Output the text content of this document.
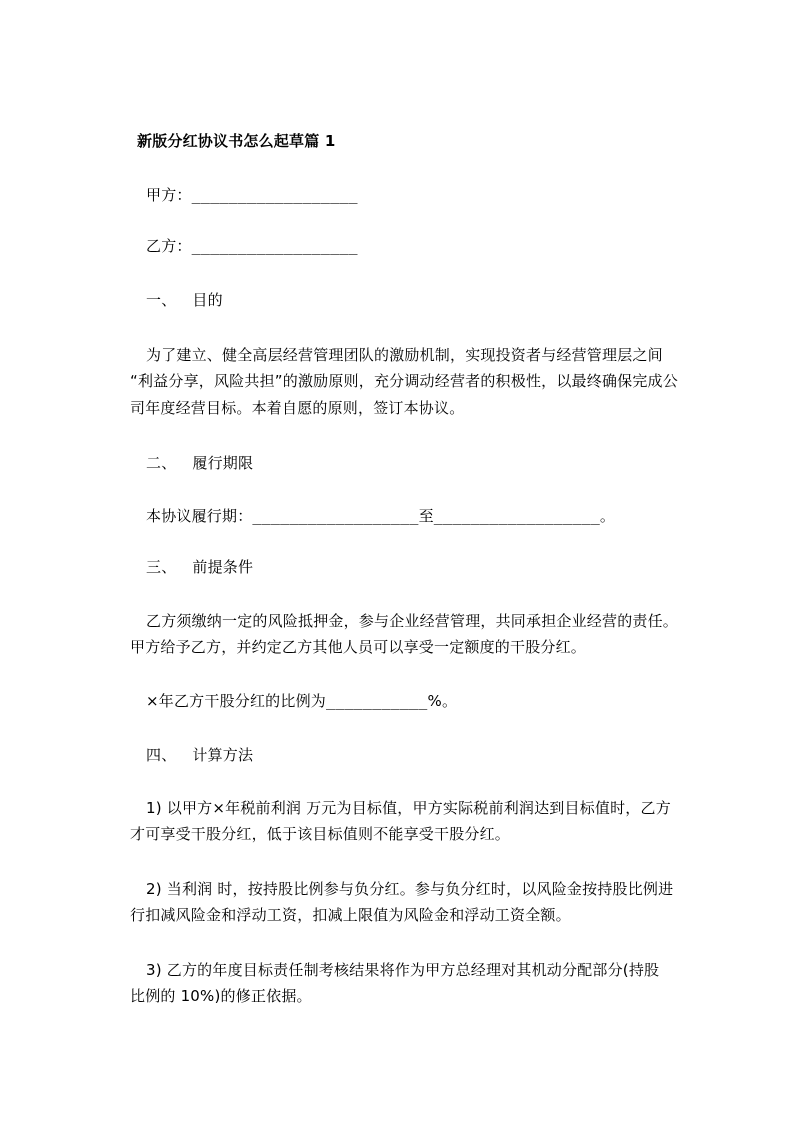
新版分红协议书怎么起草篇 1
甲方：__________________
乙方：__________________
一、 目的
为了建立、健全高层经营管理团队的激励机制，实现投资者与经营管理层之间
“利益分享，风险共担”的激励原则，充分调动经营者的积极性，以最终确保完成公
司年度经营目标。本着自愿的原则，签订本协议。
二、 履行期限
本协议履行期：__________________至__________________。
三、 前提条件
乙方须缴纳一定的风险抵押金，参与企业经营管理，共同承担企业经营的责任。
甲方给予乙方，并约定乙方其他人员可以享受一定额度的干股分红。
×年乙方干股分红的比例为___________%。
四、 计算方法
1) 以甲方×年税前利润 万元为目标值，甲方实际税前利润达到目标值时，乙方
才可享受干股分红，低于该目标值则不能享受干股分红。
2) 当利润 时，按持股比例参与负分红。参与负分红时，以风险金按持股比例进
行扣减风险金和浮动工资，扣减上限值为风险金和浮动工资全额。
3) 乙方的年度目标责任制考核结果将作为甲方总经理对其机动分配部分(持股
比例的 10%)的修正依据。
